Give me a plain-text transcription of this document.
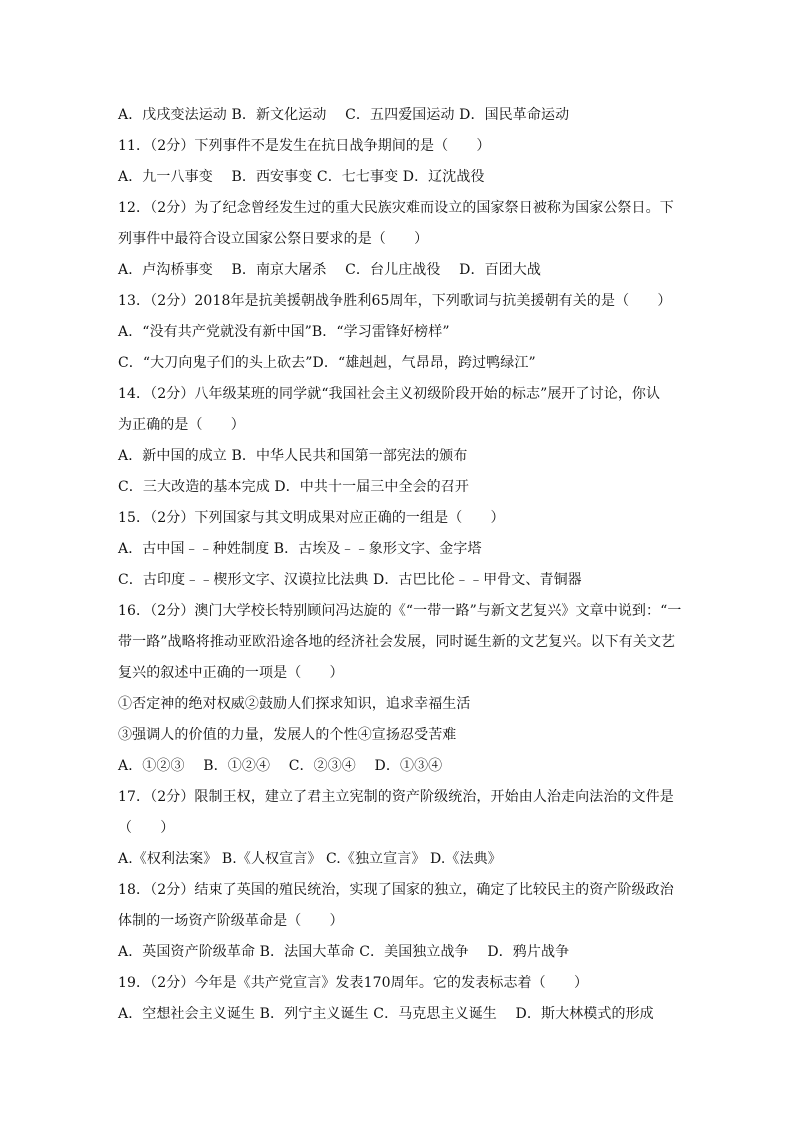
A．戊戌变法运动 B．新文化运动　 C．五四爱国运动 D．国民革命运动
11．（2分）下列事件不是发生在抗日战争期间的是（　　）
A．九一八事变　 B．西安事变 C．七七事变 D．辽沈战役
12．（2分）为了纪念曾经发生过的重大民族灾难而设立的国家祭日被称为国家公祭日。下
列事件中最符合设立国家公祭日要求的是（　　）
A．卢沟桥事变　 B．南京大屠杀　 C．台儿庄战役　 D．百团大战
13．（2分）2018年是抗美援朝战争胜利65周年，下列歌词与抗美援朝有关的是（　　）
A．“没有共产党就没有新中国”B．“学习雷锋好榜样”
C．“大刀向鬼子们的头上砍去”D．“雄赳赳，气昂昂，跨过鸭绿江”
14．（2分）八年级某班的同学就“我国社会主义初级阶段开始的标志”展开了讨论，你认
为正确的是（　　）
A．新中国的成立 B．中华人民共和国第一部宪法的颁布
C．三大改造的基本完成 D．中共十一届三中全会的召开
15．（2分）下列国家与其文明成果对应正确的一组是（　　）
A．古中国﹣﹣种姓制度 B．古埃及﹣﹣象形文字、金字塔
C．古印度﹣﹣楔形文字、汉谟拉比法典 D．古巴比伦﹣﹣甲骨文、青铜器
16．（2分）澳门大学校长特别顾问冯达旋的《“一带一路”与新文艺复兴》文章中说到：“一
带一路”战略将推动亚欧沿途各地的经济社会发展，同时诞生新的文艺复兴。以下有关文艺
复兴的叙述中正确的一项是（　　）
①否定神的绝对权威②鼓励人们探求知识，追求幸福生活
③强调人的价值的力量，发展人的个性④宣扬忍受苦难
A．①②③　 B．①②④　 C．②③④　 D．①③④
17．（2分）限制王权，建立了君主立宪制的资产阶级统治，开始由人治走向法治的文件是
（　　）
A.《权利法案》 B.《人权宣言》 C.《独立宣言》 D.《法典》
18．（2分）结束了英国的殖民统治，实现了国家的独立，确定了比较民主的资产阶级政治
体制的一场资产阶级革命是（　　）
A．英国资产阶级革命 B．法国大革命 C．美国独立战争　 D．鸦片战争
19．（2分）今年是《共产党宣言》发表170周年。它的发表标志着（　　）
A．空想社会主义诞生 B．列宁主义诞生 C．马克思主义诞生　 D．斯大林模式的形成
